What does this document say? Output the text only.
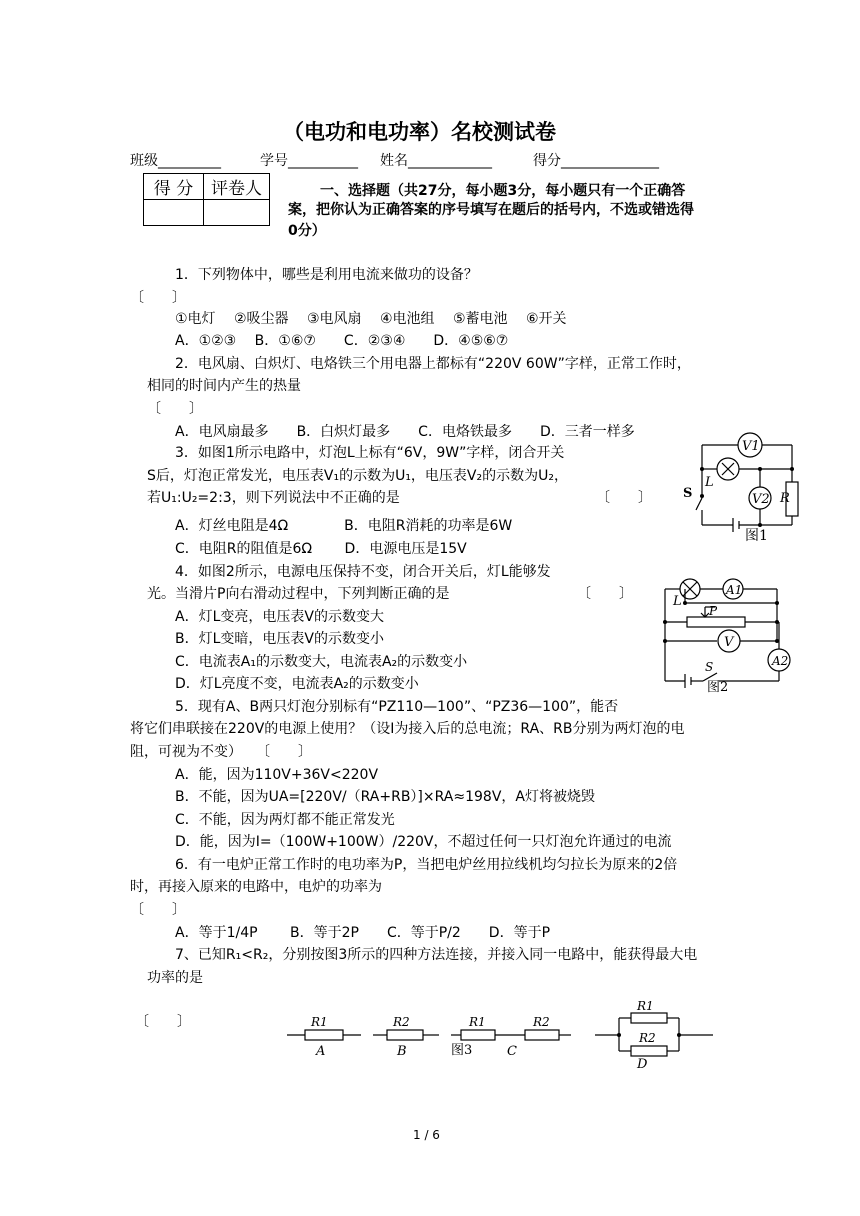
（电功和电功率）名校测试卷
班级_________	学号__________ 姓名____________	得分______________
得 分	评卷人	一、选择题（共27分，每小题3分，每小题只有一个正确答
案，把你认为正确答案的序号填写在题后的括号内，不选或错选得
0分）
1．下列物体中，哪些是利用电流来做功的设备？
〔　　〕
①电灯　 ②吸尘器　 ③电风扇　 ④电池组　 ⑤蓄电池　 ⑥开关
A．①②③　 B．①⑥⑦　　C．②③④　　D．④⑤⑥⑦
2．电风扇、白炽灯、电烙铁三个用电器上都标有“220V 60W”字样，正常工作时，
相同的时间内产生的热量
〔　　〕
A．电风扇最多　　B．白炽灯最多　　C．电烙铁最多　　D．三者一样多
3．如图1所示电路中，灯泡L上标有“6V，9W”字样，闭合开关
S后，灯泡正常发光，电压表V₁的示数为U₁，电压表V₂的示数为U₂，
若U₁:U₂=2:3，则下列说法中不正确的是	〔　　〕
A．灯丝电阻是4Ω　　　　B．电阻R消耗的功率是6W
C．电阻R的阻值是6Ω　　 D．电源电压是15V
4．如图2所示，电源电压保持不变，闭合开关后，灯L能够发
光。当滑片P向右滑动过程中，下列判断正确的是	〔　　〕
A．灯L变亮，电压表V的示数变大
B．灯L变暗，电压表V的示数变小
C．电流表A₁的示数变大，电流表A₂的示数变小
D．灯L亮度不变，电流表A₂的示数变小
5．现有A、B两只灯泡分别标有“PZ110—100”、“PZ36—100”，能否
将它们串联接在220V的电源上使用？（设I为接入后的总电流；RA、RB分别为两灯泡的电
阻，可视为不变）　　〔　　〕
A．能，因为110V+36V<220V
B．不能，因为UA=[220V/（RA+RB）]×RA≈198V，A灯将被烧毁
C．不能，因为两灯都不能正常发光
D．能，因为I=（100W+100W）/220V，不超过任何一只灯泡允许通过的电流
6．有一电炉正常工作时的电功率为P，当把电炉丝用拉线机均匀拉长为原来的2倍
时，再接入原来的电路中，电炉的功率为
〔　　〕
A．等于1/4P　　 B．等于2P　　C．等于P/2　　D．等于P
7、已知R₁<R₂，分别按图3所示的四种方法连接，并接入同一电路中，能获得最大电
功率的是
〔　　〕
V1
V2
L
R
S
图1
L
A1
A2
V
P
S
图2
R1
A
R2
B
R1	R2
图3	C
R1
R2
D
1 / 6
